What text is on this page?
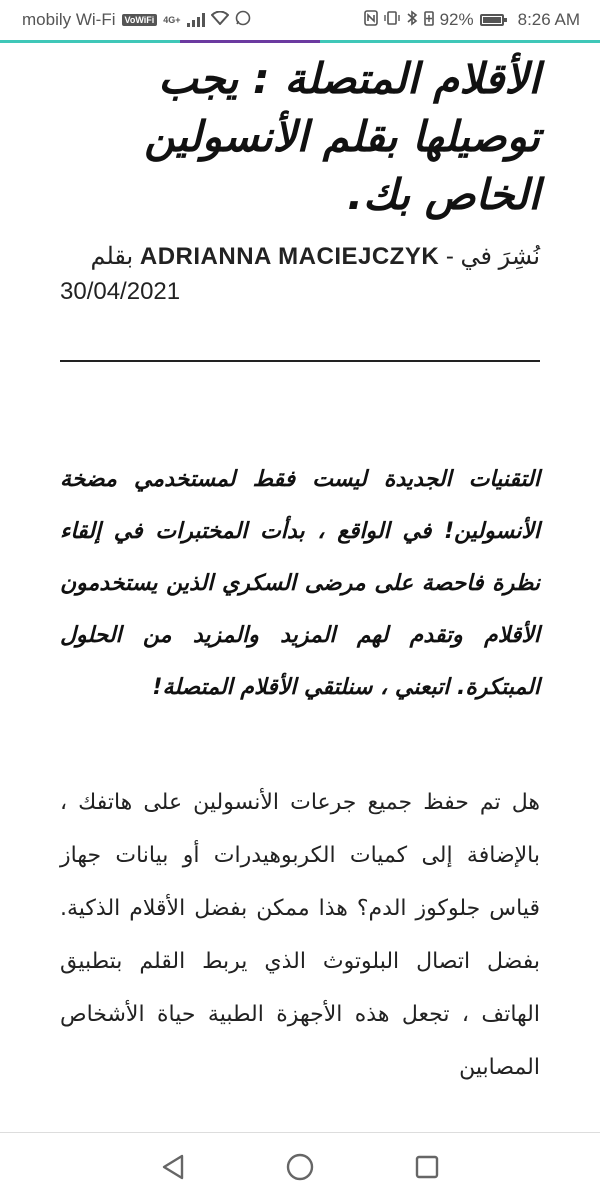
mobily Wi-Fi	VoWiFi	4G+	92%	8:26 AM
الأقلام المتصلة : يجب توصيلها بقلم الأنسولين الخاص بك.
نُشِرَ في - ADRIANNA MACIEJCZYK بقلم
30/04/2021

التقنيات الجديدة ليست فقط لمستخدمي مضخة الأنسولين! في الواقع ، بدأت المختبرات في إلقاء نظرة فاحصة على مرضى السكري الذين يستخدمون الأقلام وتقدم لهم المزيد والمزيد من الحلول المبتكرة. اتبعني ، سنلتقي الأقلام المتصلة!

هل تم حفظ جميع جرعات الأنسولين على هاتفك ، بالإضافة إلى كميات الكربوهيدرات أو بيانات جهاز قياس جلوكوز الدم؟ هذا ممكن بفضل الأقلام الذكية. بفضل اتصال البلوتوث الذي يربط القلم بتطبيق الهاتف ، تجعل هذه الأجهزة الطبية حياة الأشخاص المصابين
